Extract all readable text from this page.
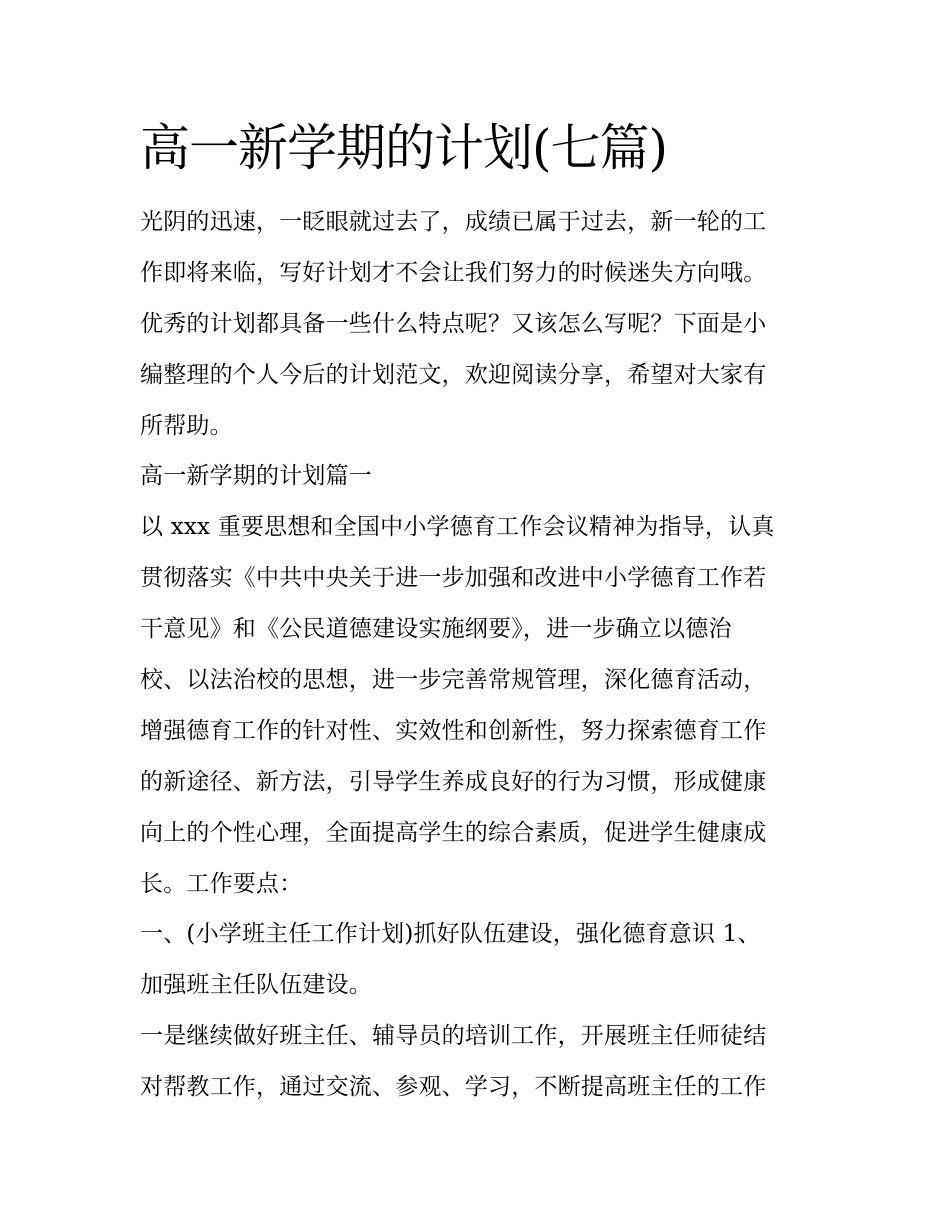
高一新学期的计划(七篇)

光阴的迅速，一眨眼就过去了，成绩已属于过去，新一轮的工

作即将来临，写好计划才不会让我们努力的时候迷失方向哦。

优秀的计划都具备一些什么特点呢？又该怎么写呢？下面是小

编整理的个人今后的计划范文，欢迎阅读分享，希望对大家有

所帮助。

高一新学期的计划篇一

以 xxx 重要思想和全国中小学德育工作会议精神为指导，认真

贯彻落实《中共中央关于进一步加强和改进中小学德育工作若

干意见》和《公民道德建设实施纲要》，进一步确立以德治

校、以法治校的思想，进一步完善常规管理，深化德育活动，

增强德育工作的针对性、实效性和创新性，努力探索德育工作

的新途径、新方法，引导学生养成良好的行为习惯，形成健康

向上的个性心理，全面提高学生的综合素质，促进学生健康成

长。工作要点：

一、(小学班主任工作计划)抓好队伍建设，强化德育意识 1、

加强班主任队伍建设。

一是继续做好班主任、辅导员的培训工作，开展班主任师徒结

对帮教工作，通过交流、参观、学习，不断提高班主任的工作
